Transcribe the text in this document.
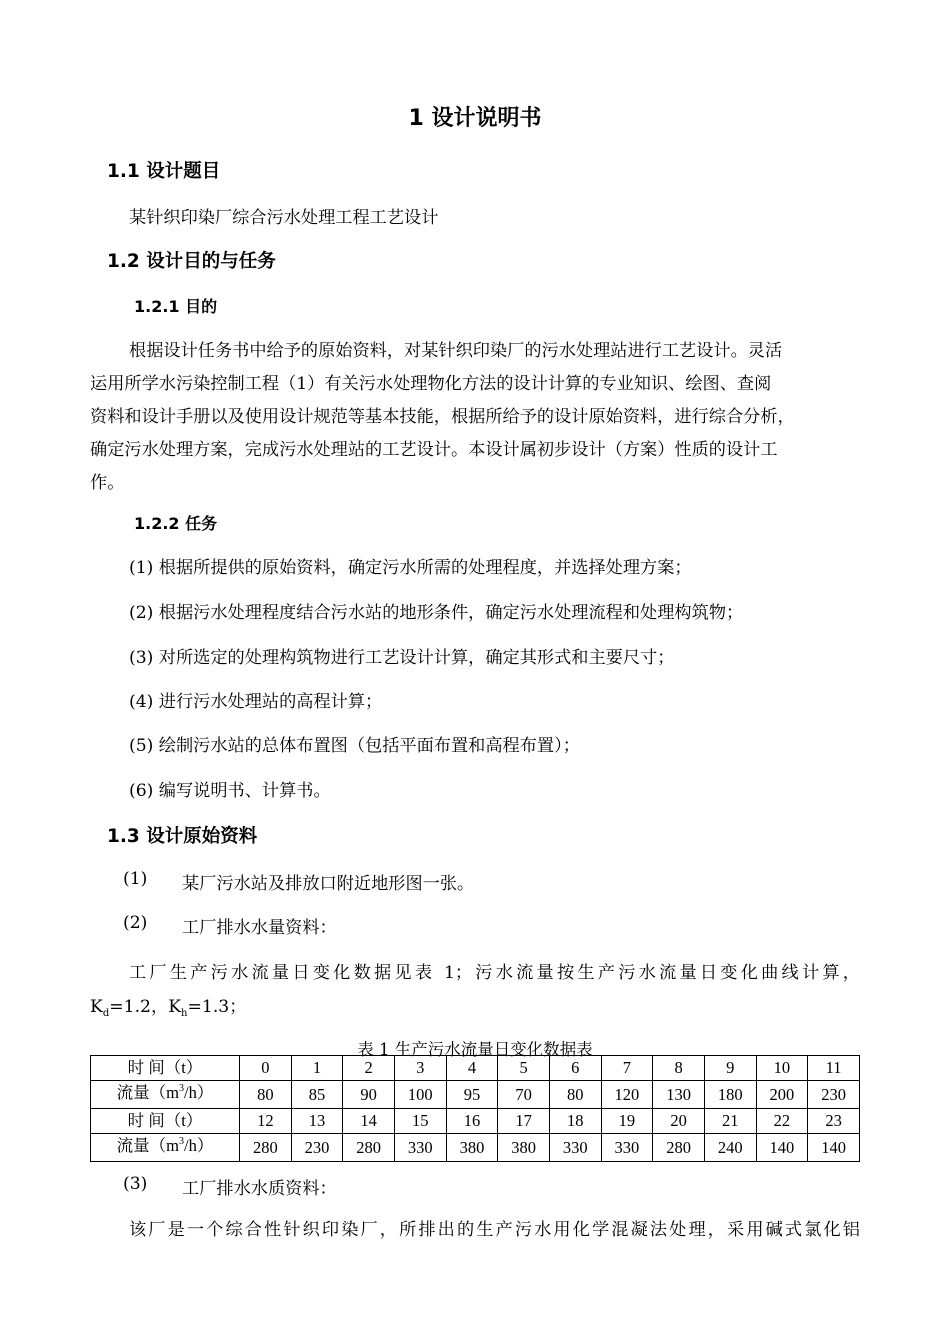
1 设计说明书
1.1 设计题目
某针织印染厂综合污水处理工程工艺设计
1.2 设计目的与任务
1.2.1 目的
根据设计任务书中给予的原始资料，对某针织印染厂的污水处理站进行工艺设计。灵活
运用所学水污染控制工程（1）有关污水处理物化方法的设计计算的专业知识、绘图、查阅
资料和设计手册以及使用设计规范等基本技能，根据所给予的设计原始资料，进行综合分析，
确定污水处理方案，完成污水处理站的工艺设计。本设计属初步设计（方案）性质的设计工
作。
1.2.2 任务
(1) 根据所提供的原始资料，确定污水所需的处理程度，并选择处理方案；
(2) 根据污水处理程度结合污水站的地形条件，确定污水处理流程和处理构筑物；
(3) 对所选定的处理构筑物进行工艺设计计算，确定其形式和主要尺寸；
(4) 进行污水处理站的高程计算；
(5) 绘制污水站的总体布置图（包括平面布置和高程布置）；
(6) 编写说明书、计算书。
1.3 设计原始资料
(1) 某厂污水站及排放口附近地形图一张。
(2) 工厂排水水量资料：
工厂生产污水流量日变化数据见表 1；污水流量按生产污水流量日变化曲线计算，
$K_d=1.2$，$K_h=1.3$；
表 1 生产污水流量日变化数据表
时 间（t）	0	1	2	3	4	5	6	7	8	9	10	11
流量$(m^3/h)$	80	85	90	100	95	70	80	120	130	180	200	230
时 间（t）	12	13	14	15	16	17	18	19	20	21	22	23
流量$(m^3/h)$	280	230	280	330	380	380	330	330	280	240	140	140
(3) 工厂排水水质资料：
该厂是一个综合性针织印染厂，所排出的生产污水用化学混凝法处理，采用碱式氯化铝
